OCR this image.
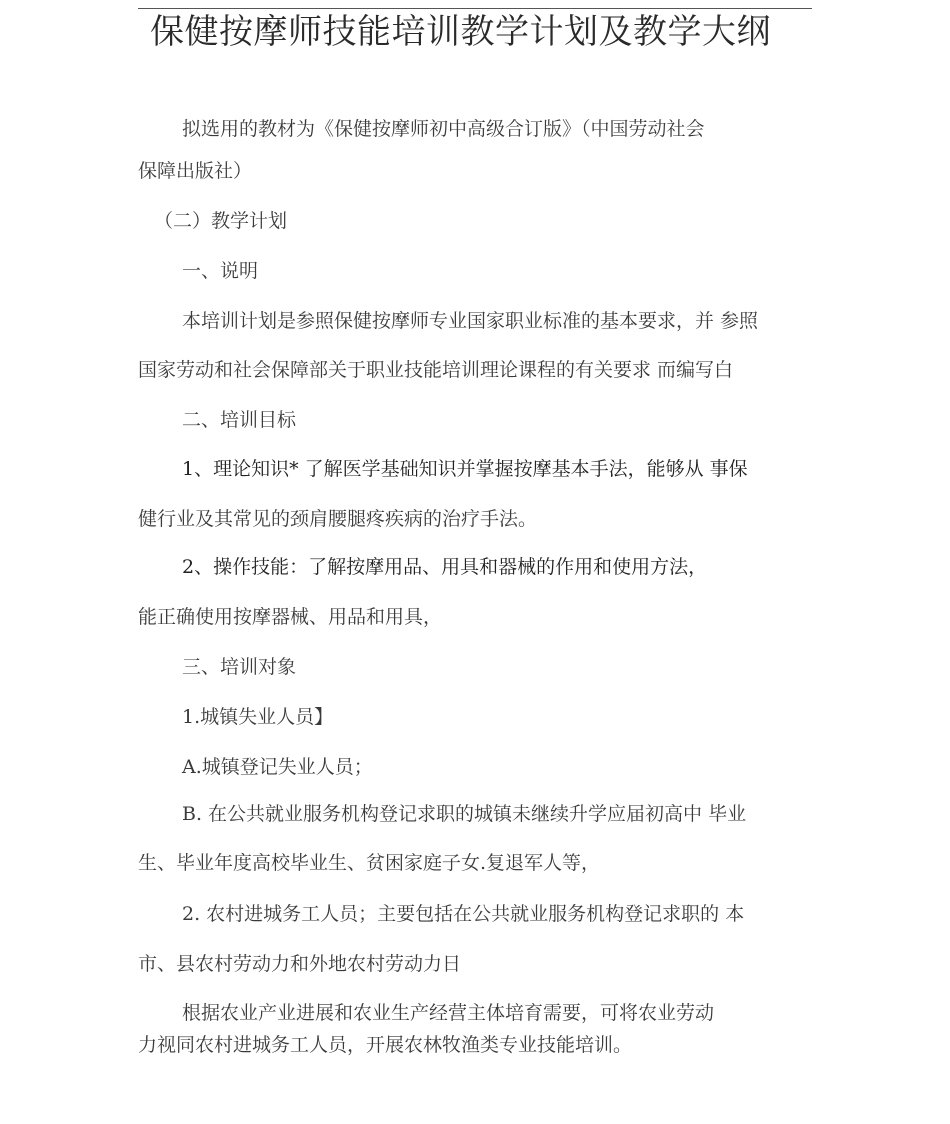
保健按摩师技能培训教学计划及教学大纲
拟选用的教材为《保健按摩师初中高级合订版》（中国劳动社会
保障出版社）
（二）教学计划
一、说明
本培训计划是参照保健按摩师专业国家职业标准的基本要求，并 参照
国家劳动和社会保障部关于职业技能培训理论课程的有关要求 而编写白
二、培训目标
1、理论知识* 了解医学基础知识并掌握按摩基本手法，能够从 事保
健行业及其常见的颈肩腰腿疼疾病的治疗手法。
2、操作技能：了解按摩用品、用具和器械的作用和使用方法，
能正确使用按摩器械、用品和用具，
三、培训对象
1.城镇失业人员】
A.城镇登记失业人员；
B. 在公共就业服务机构登记求职的城镇未继续升学应届初高中 毕业
生、毕业年度高校毕业生、贫困家庭子女.复退军人等，
2. 农村进城务工人员；主要包括在公共就业服务机构登记求职的 本
市、县农村劳动力和外地农村劳动力日
根据农业产业进展和农业生产经营主体培育需要，可将农业劳动
力视同农村进城务工人员，开展农林牧渔类专业技能培训。
